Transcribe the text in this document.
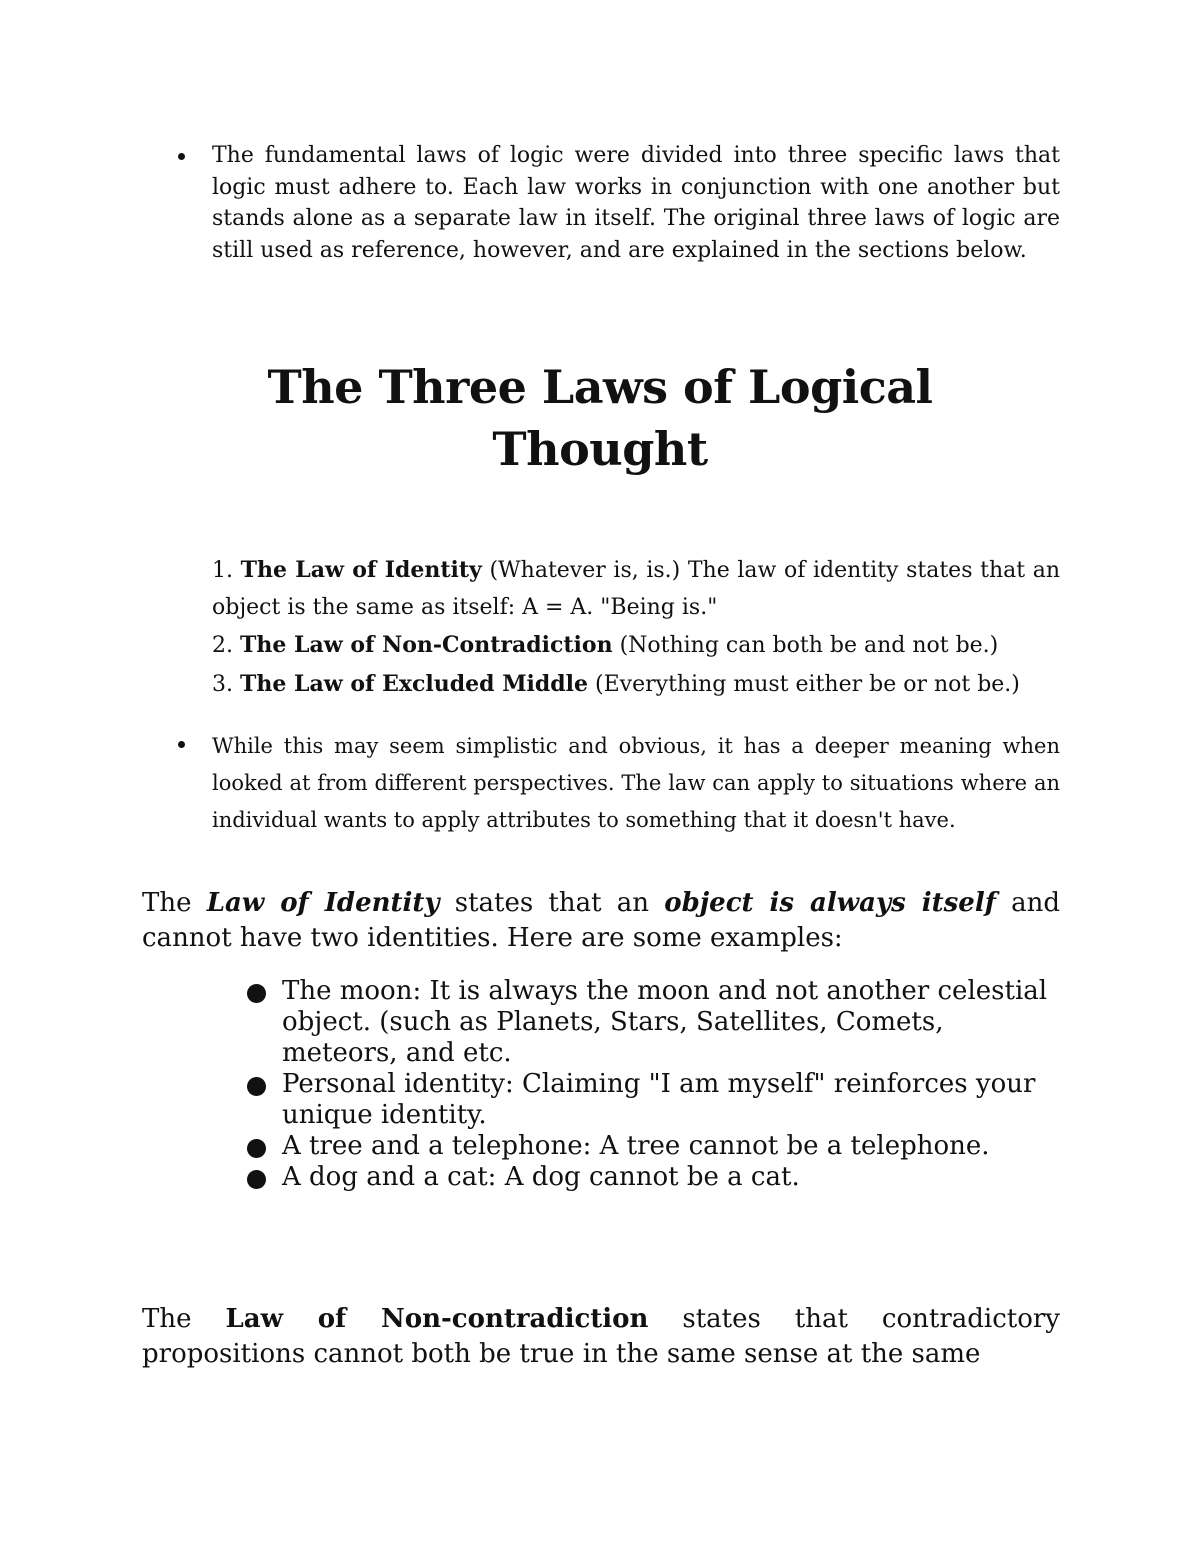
The fundamental laws of logic were divided into three specific laws that logic must adhere to. Each law works in conjunction with one another but stands alone as a separate law in itself. The original three laws of logic are still used as reference, however, and are explained in the sections below.
The Three Laws of Logical Thought
1. The Law of Identity (Whatever is, is.) The law of identity states that an object is the same as itself: A = A. "Being is."
2. The Law of Non-Contradiction (Nothing can both be and not be.)
3. The Law of Excluded Middle (Everything must either be or not be.)
While this may seem simplistic and obvious, it has a deeper meaning when looked at from different perspectives. The law can apply to situations where an individual wants to apply attributes to something that it doesn't have.

The Law of Identity states that an object is always itself and cannot have two identities. Here are some examples:

The moon: It is always the moon and not another celestial object. (such as Planets, Stars, Satellites, Comets, meteors, and etc.
Personal identity: Claiming "I am myself" reinforces your unique identity.
A tree and a telephone: A tree cannot be a telephone.
A dog and a cat: A dog cannot be a cat.

The Law of Non-contradiction states that contradictory
propositions cannot both be true in the same sense at the same
